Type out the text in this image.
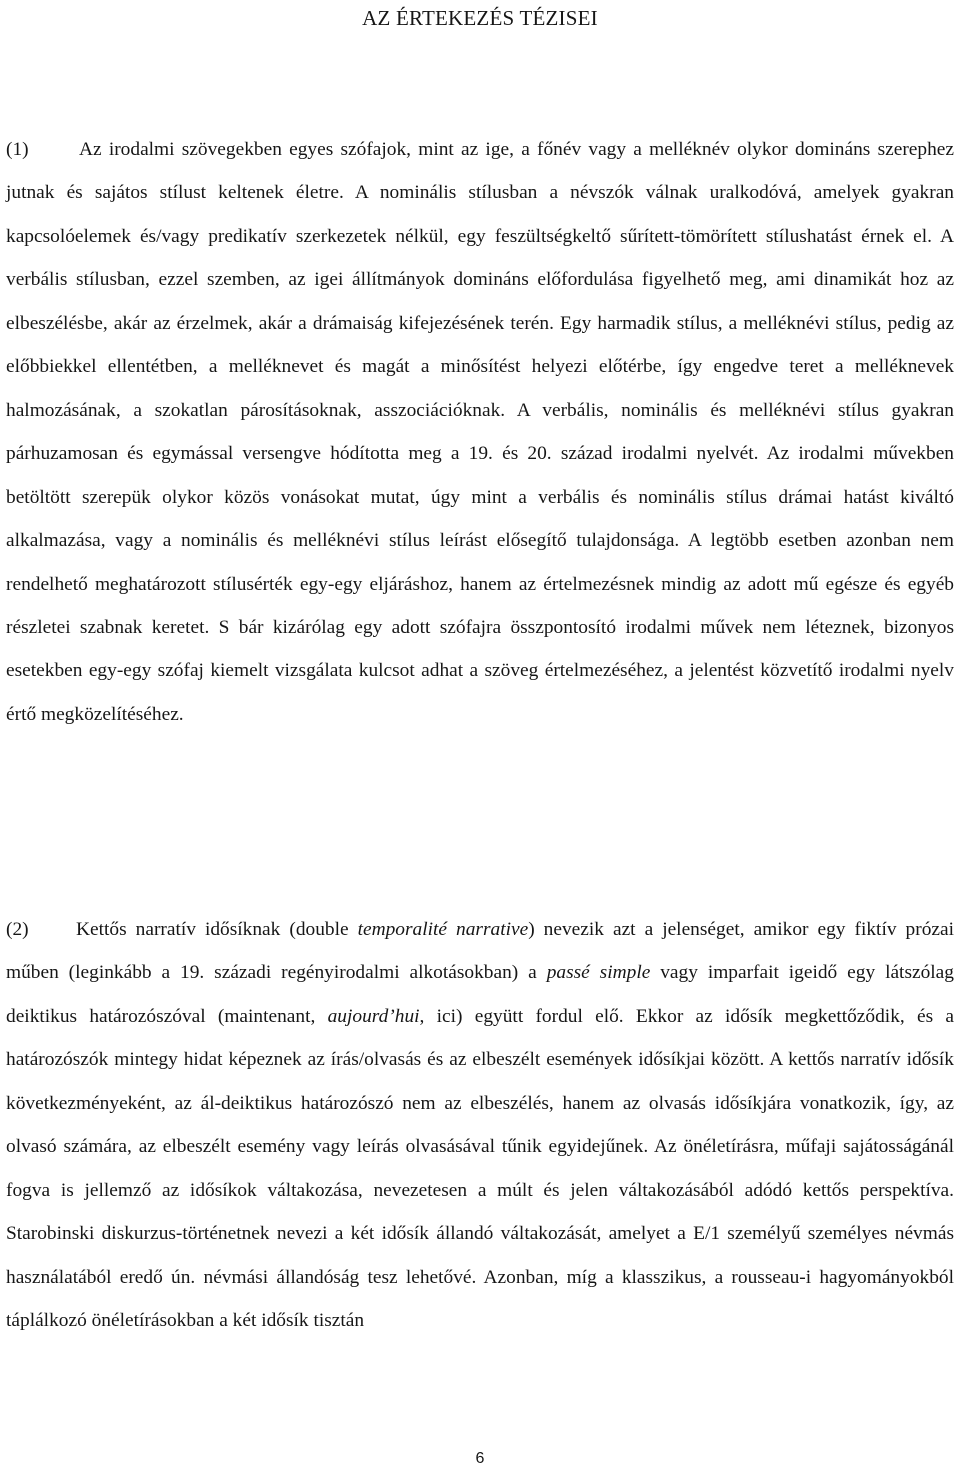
AZ ÉRTEKEZÉS TÉZISEI

(1)	Az irodalmi szövegekben egyes szófajok, mint az ige, a főnév vagy a melléknév olykor domináns szerephez jutnak és sajátos stílust keltenek életre. A nominális stílusban a névszók válnak uralkodóvá, amelyek gyakran kapcsolóelemek és/vagy predikatív szerkezetek nélkül, egy feszültségkeltő sűrített-tömörített stílushatást érnek el. A verbális stílusban, ezzel szemben, az igei állítmányok domináns előfordulása figyelhető meg, ami dinamikát hoz az elbeszélésbe, akár az érzelmek, akár a drámaiság kifejezésének terén. Egy harmadik stílus, a melléknévi stílus, pedig az előbbiekkel ellentétben, a melléknevet és magát a minősítést helyezi előtérbe, így engedve teret a melléknevek halmozásának, a szokatlan párosításoknak, asszociációknak. A verbális, nominális és melléknévi stílus gyakran párhuzamosan és egymással versengve hódította meg a 19. és 20. század irodalmi nyelvét. Az irodalmi művekben betöltött szerepük olykor közös vonásokat mutat, úgy mint a verbális és nominális stílus drámai hatást kiváltó alkalmazása, vagy a nominális és melléknévi stílus leírást elősegítő tulajdonsága. A legtöbb esetben azonban nem rendelhető meghatározott stílusérték egy-egy eljáráshoz, hanem az értelmezésnek mindig az adott mű egésze és egyéb részletei szabnak keretet. S bár kizárólag egy adott szófajra összpontosító irodalmi művek nem léteznek, bizonyos esetekben egy-egy szófaj kiemelt vizsgálata kulcsot adhat a szöveg értelmezéséhez, a jelentést közvetítő irodalmi nyelv értő megközelítéséhez.

(2) Kettős narratív idősíknak (double temporalité narrative) nevezik azt a jelenséget, amikor egy fiktív prózai műben (leginkább a 19. századi regényirodalmi alkotásokban) a passé simple vagy imparfait igeidő egy látszólag deiktikus határozószóval (maintenant, aujourd’hui, ici) együtt fordul elő. Ekkor az idősík megkettőződik, és a határozószók mintegy hidat képeznek az írás/olvasás és az elbeszélt események idősíkjai között. A kettős narratív idősík következményeként, az ál-deiktikus határozószó nem az elbeszélés, hanem az olvasás idősíkjára vonatkozik, így, az olvasó számára, az elbeszélt esemény vagy leírás olvasásával tűnik egyidejűnek. Az önéletírásra, műfaji sajátosságánál fogva is jellemző az idősíkok váltakozása, nevezetesen a múlt és jelen váltakozásából adódó kettős perspektíva. Starobinski diskurzus-történetnek nevezi a két idősík állandó váltakozását, amelyet a E/1 személyű személyes névmás használatából eredő ún. névmási állandóság tesz lehetővé. Azonban, míg a klasszikus, a rousseau-i hagyományokból táplálkozó önéletírásokban a két idősík tisztán

6
